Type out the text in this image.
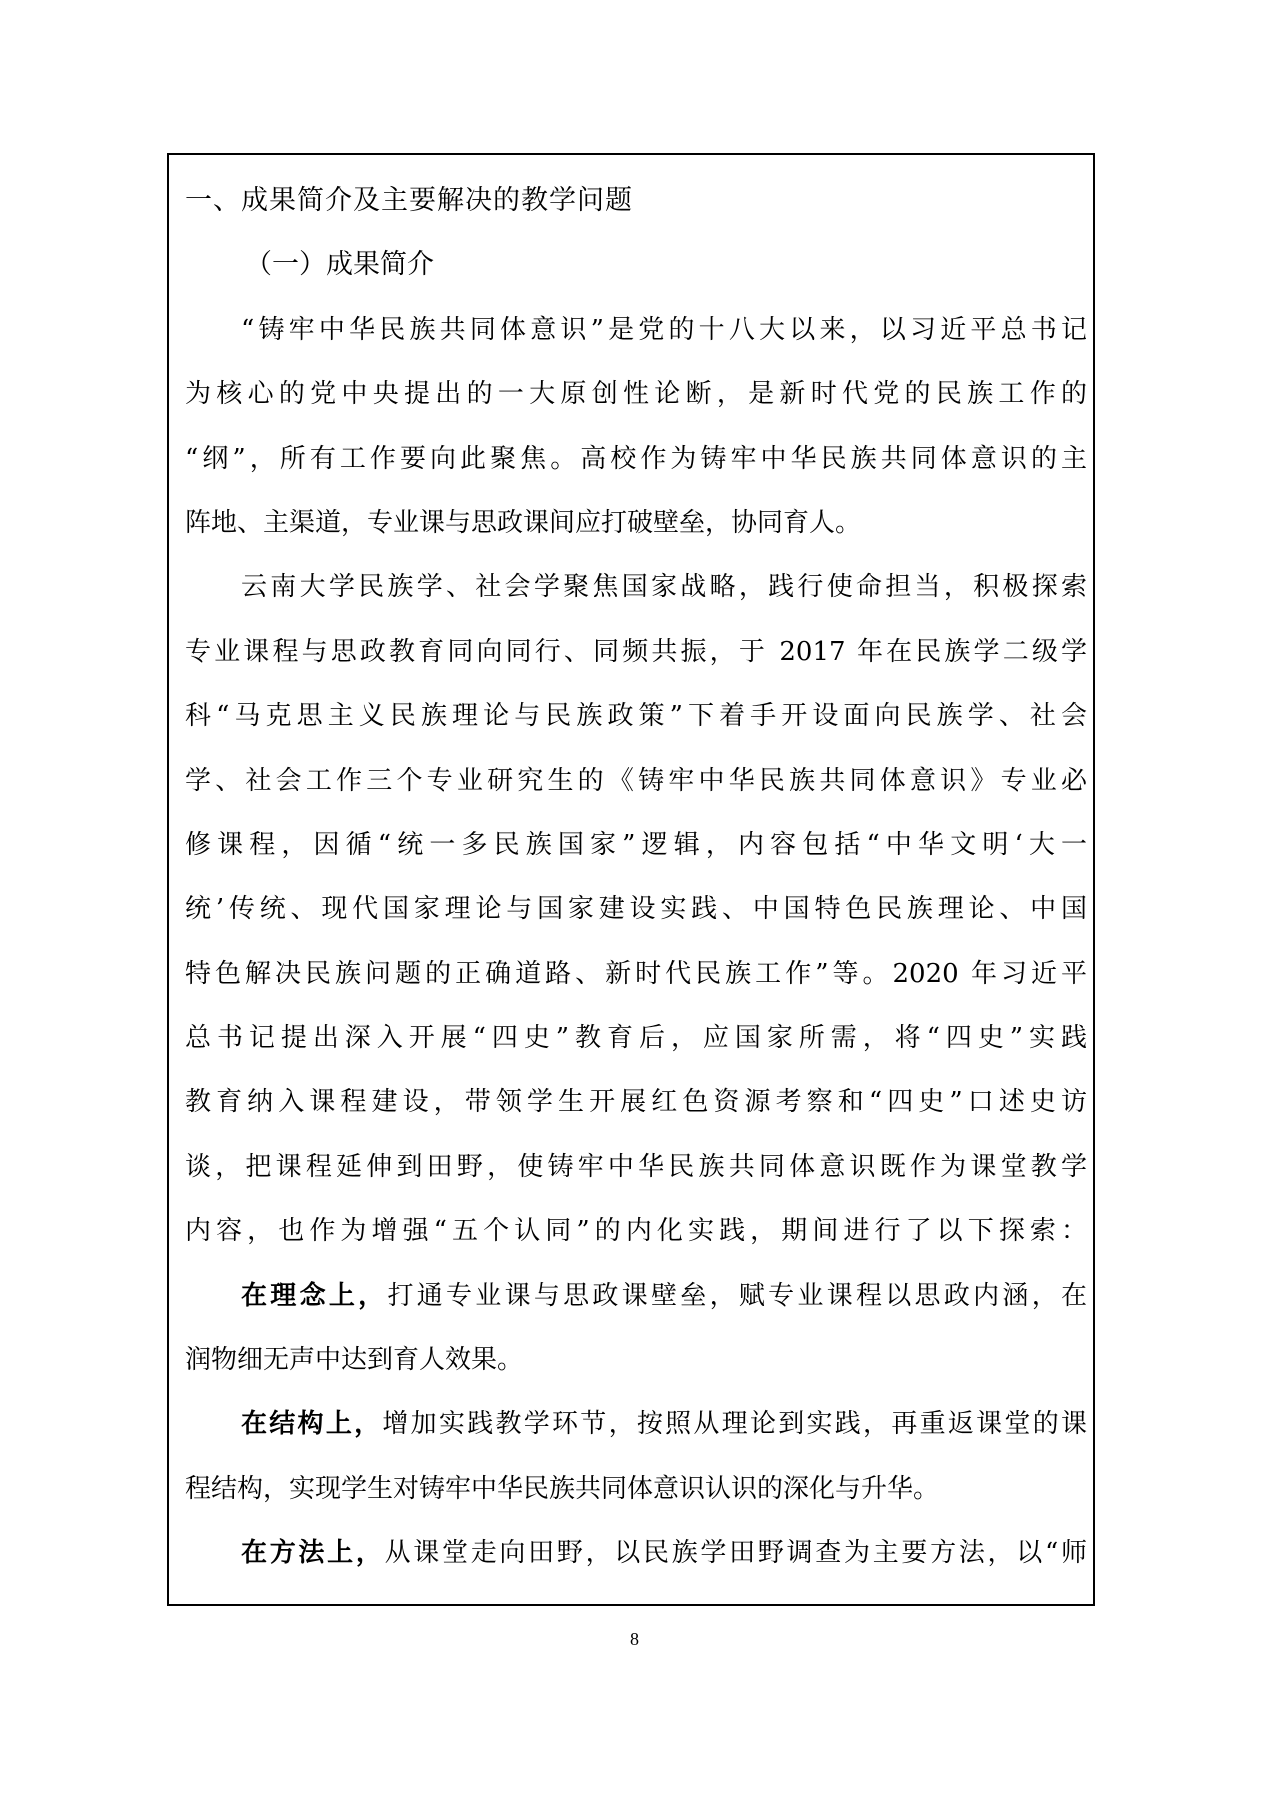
一、成果简介及主要解决的教学问题
（一）成果简介
“铸牢中华民族共同体意识”是党的十八大以来，以习近平总书记
为核心的党中央提出的一大原创性论断，是新时代党的民族工作的
“纲”，所有工作要向此聚焦。高校作为铸牢中华民族共同体意识的主
阵地、主渠道，专业课与思政课间应打破壁垒，协同育人。
云南大学民族学、社会学聚焦国家战略，践行使命担当，积极探索
专业课程与思政教育同向同行、同频共振，于 2017 年在民族学二级学
科“马克思主义民族理论与民族政策”下着手开设面向民族学、社会
学、社会工作三个专业研究生的《铸牢中华民族共同体意识》专业必
修课程，因循“统一多民族国家”逻辑，内容包括“中华文明‘大一
统’传统、现代国家理论与国家建设实践、中国特色民族理论、中国
特色解决民族问题的正确道路、新时代民族工作”等。2020 年习近平
总书记提出深入开展“四史”教育后，应国家所需，将“四史”实践
教育纳入课程建设，带领学生开展红色资源考察和“四史”口述史访
谈，把课程延伸到田野，使铸牢中华民族共同体意识既作为课堂教学
内容，也作为增强“五个认同”的内化实践，期间进行了以下探索：
在理念上，打通专业课与思政课壁垒，赋专业课程以思政内涵，在
润物细无声中达到育人效果。
在结构上，增加实践教学环节，按照从理论到实践，再重返课堂的课
程结构，实现学生对铸牢中华民族共同体意识认识的深化与升华。
在方法上，从课堂走向田野，以民族学田野调查为主要方法，以“师
8
